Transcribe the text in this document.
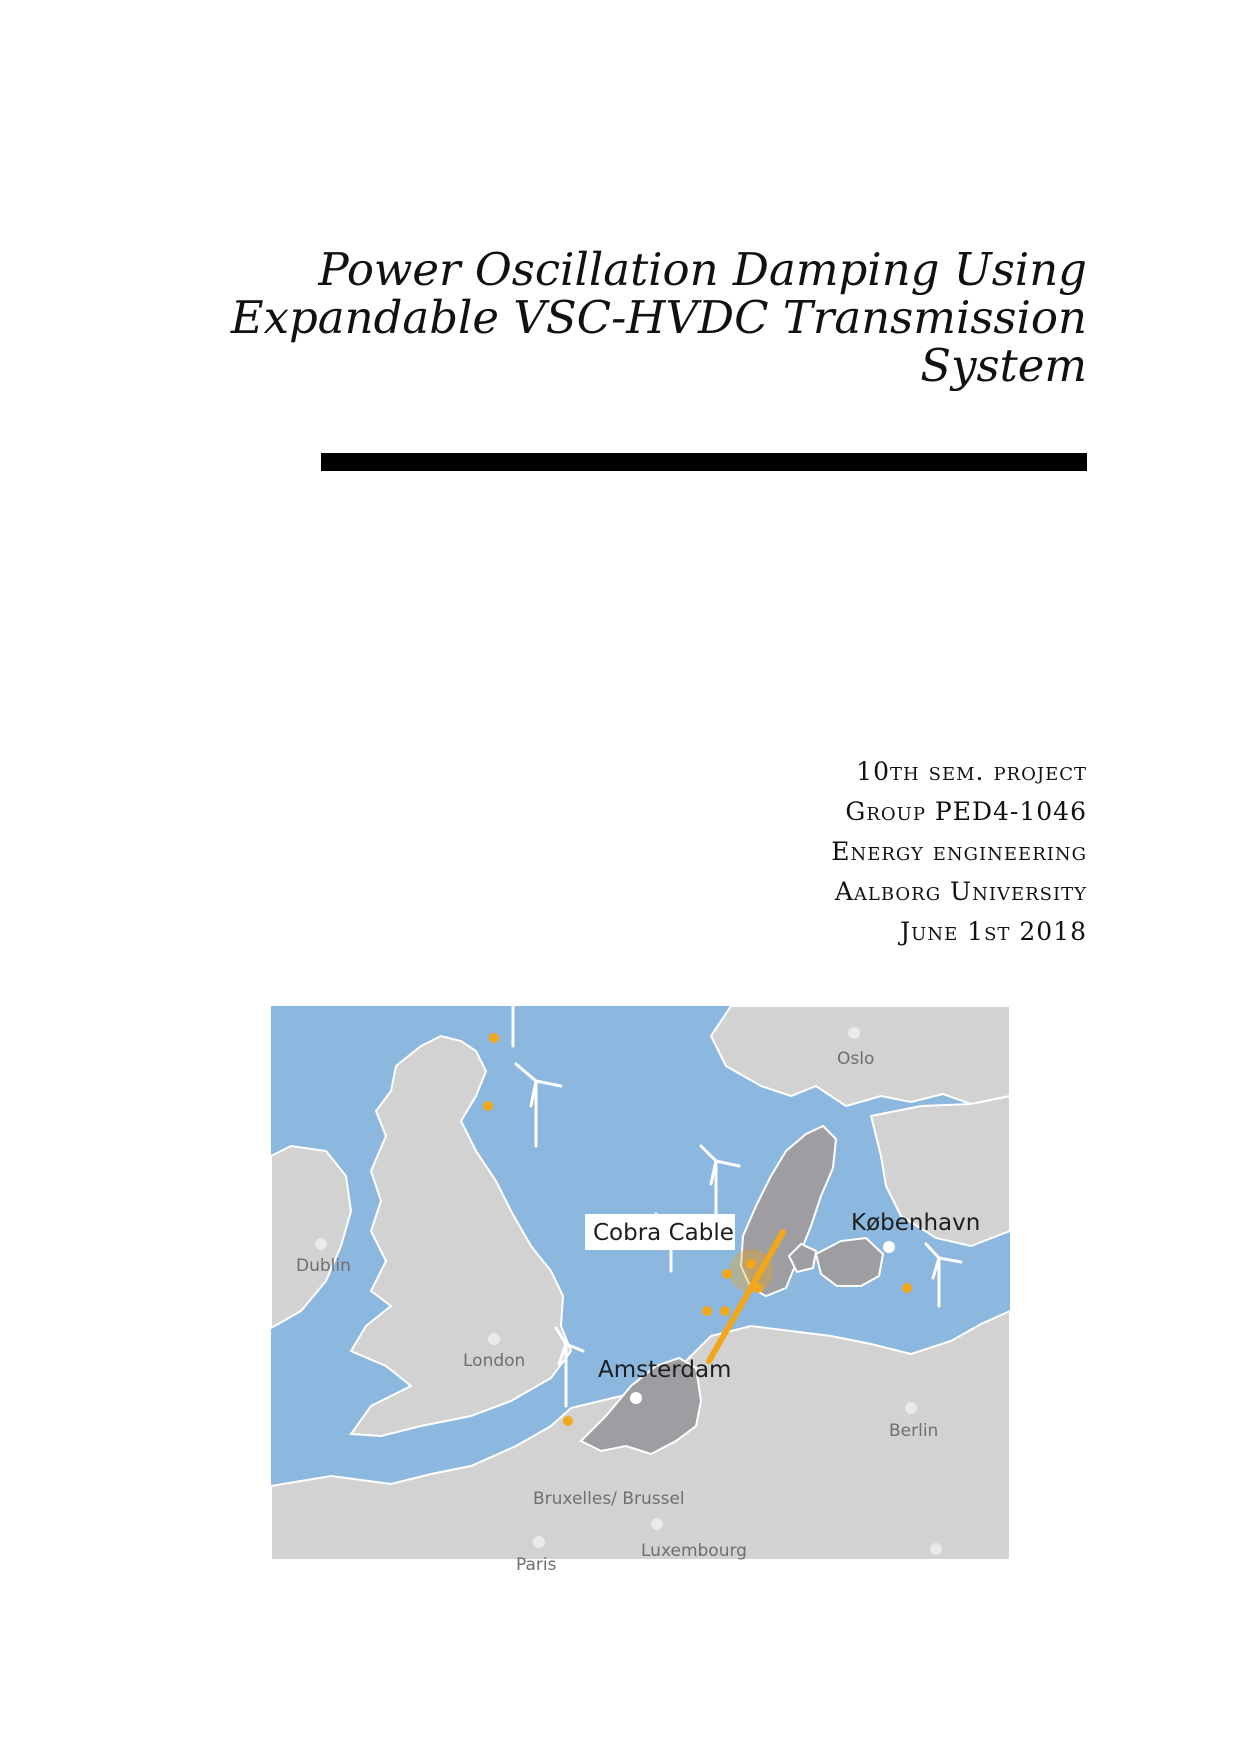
Power Oscillation Damping Using
Expandable VSC-HVDC Transmission
System
10th sem. project
Group PED4-1046
Energy engineering
Aalborg University
June 1st 2018
Oslo
Dublin
London
Berlin
Bruxelles/ Brussel
Luxembourg
Paris
Amsterdam
København
Cobra Cable
